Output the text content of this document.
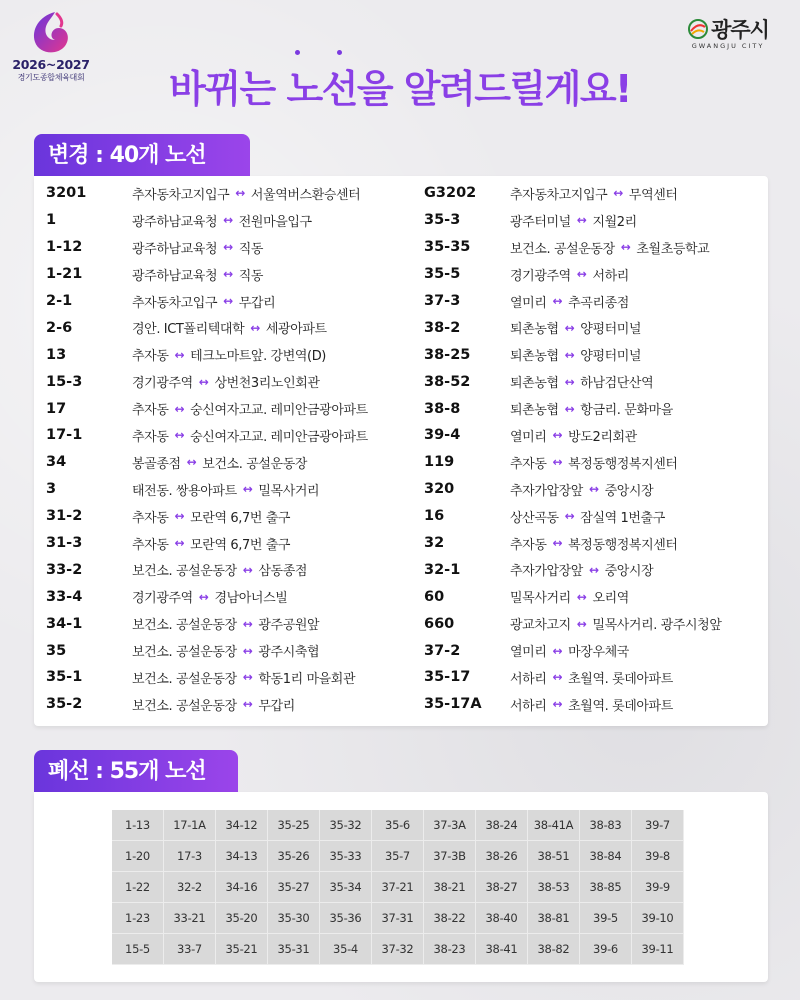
2026~2027
경기도종합체육대회
광주시
GWANGJU CITY
바뀌는 노선을 알려드릴게요!
변경 : 40개 노선
3201	추자동차고지입구 ↔ 서울역버스환승센터
1	광주하남교육청 ↔ 전원마을입구
1-12	광주하남교육청 ↔ 직동
1-21	광주하남교육청 ↔ 직동
2-1	추자동차고입구 ↔ 무갑리
2-6	경안. ICT폴리텍대학 ↔ 세광아파트
13	추자동 ↔ 테크노마트앞. 강변역(D)
15-3	경기광주역 ↔ 상번천3리노인회관
17	추자동 ↔ 숭신여자고교. 레미안금광아파트
17-1	추자동 ↔ 숭신여자고교. 레미안금광아파트
34	봉골종점 ↔ 보건소. 공설운동장
3	태전동. 쌍용아파트 ↔ 밀목사거리
31-2	추자동 ↔ 모란역 6,7번 출구
31-3	추자동 ↔ 모란역 6,7번 출구
33-2	보건소. 공설운동장 ↔ 삼동종점
33-4	경기광주역 ↔ 경남아너스빌
34-1	보건소. 공설운동장 ↔ 광주공원앞
35	보건소. 공설운동장 ↔ 광주시축협
35-1	보건소. 공설운동장 ↔ 학동1리 마을회관
35-2	보건소. 공설운동장 ↔ 무갑리
G3202	추자동차고지입구 ↔ 무역센터
35-3	광주터미널 ↔ 지월2리
35-35	보건소. 공설운동장 ↔ 초월초등학교
35-5	경기광주역 ↔ 서하리
37-3	열미리 ↔ 추곡리종점
38-2	퇴촌농협 ↔ 양평터미널
38-25	퇴촌농협 ↔ 양평터미널
38-52	퇴촌농협 ↔ 하남검단산역
38-8	퇴촌농협 ↔ 항금리. 문화마을
39-4	열미리 ↔ 방도2리회관
119	추자동 ↔ 복정동행정복지센터
320	추자가압장앞 ↔ 중앙시장
16	상산곡동 ↔ 잠실역 1번출구
32	추자동 ↔ 복정동행정복지센터
32-1	추자가압장앞 ↔ 중앙시장
60	밀목사거리 ↔ 오리역
660	광교차고지 ↔ 밀목사거리. 광주시청앞
37-2	열미리 ↔ 마장우체국
35-17	서하리 ↔ 초월역. 롯데아파트
35-17A	서하리 ↔ 초월역. 롯데아파트
폐선 : 55개 노선
1-13	17-1A	34-12	35-25	35-32	35-6	37-3A	38-24	38-41A	38-83	39-7
1-20	17-3	34-13	35-26	35-33	35-7	37-3B	38-26	38-51	38-84	39-8
1-22	32-2	34-16	35-27	35-34	37-21	38-21	38-27	38-53	38-85	39-9
1-23	33-21	35-20	35-30	35-36	37-31	38-22	38-40	38-81	39-5	39-10
15-5	33-7	35-21	35-31	35-4	37-32	38-23	38-41	38-82	39-6	39-11
